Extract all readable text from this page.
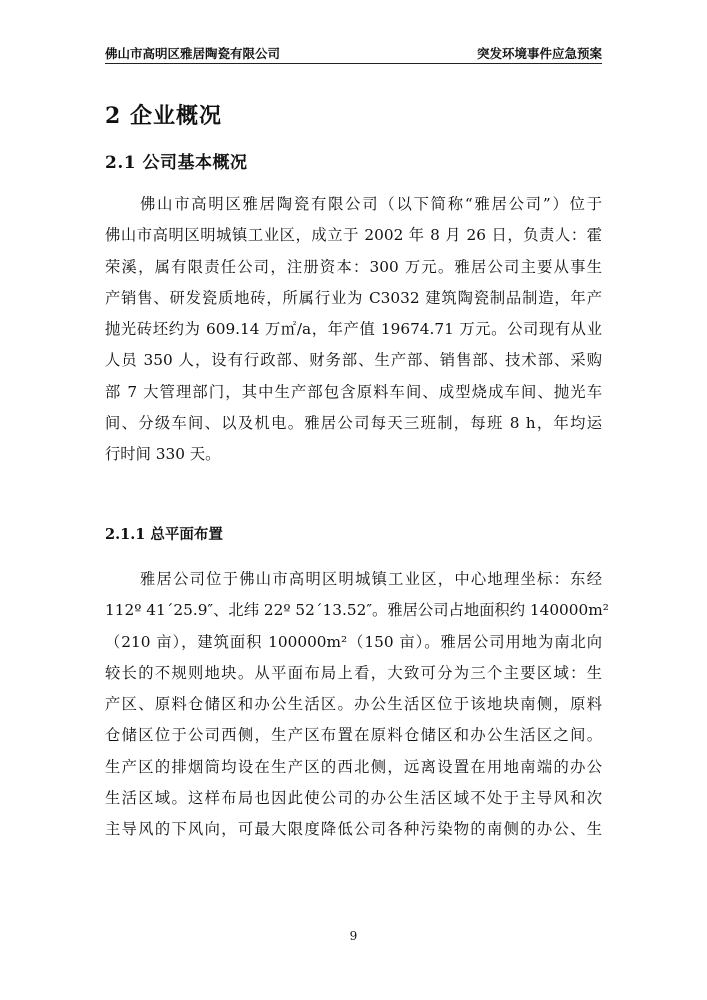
佛山市高明区雅居陶瓷有限公司	突发环境事件应急预案
2 企业概况
2.1 公司基本概况

佛山市高明区雅居陶瓷有限公司（以下简称“雅居公司”）位于
佛山市高明区明城镇工业区，成立于 2002 年 8 月 26 日，负责人：霍
荣溪，属有限责任公司，注册资本：300 万元。雅居公司主要从事生
产销售、研发瓷质地砖，所属行业为 C3032 建筑陶瓷制品制造，年产
抛光砖坯约为 609.14 万㎡/a，年产值 19674.71 万元。公司现有从业
人员 350 人，设有行政部、财务部、生产部、销售部、技术部、采购
部 7 大管理部门，其中生产部包含原料车间、成型烧成车间、抛光车
间、分级车间、以及机电。雅居公司每天三班制，每班 8 h，年均运
行时间 330 天。

2.1.1 总平面布置

雅居公司位于佛山市高明区明城镇工业区，中心地理坐标：东经
112º 41´25.9″、北纬 22º 52´13.52″。雅居公司占地面积约 140000m²
（210 亩），建筑面积 100000m²（150 亩）。雅居公司用地为南北向
较长的不规则地块。从平面布局上看，大致可分为三个主要区域：生
产区、原料仓储区和办公生活区。办公生活区位于该地块南侧，原料
仓储区位于公司西侧，生产区布置在原料仓储区和办公生活区之间。
生产区的排烟筒均设在生产区的西北侧，远离设置在用地南端的办公
生活区域。这样布局也因此使公司的办公生活区域不处于主导风和次
主导风的下风向，可最大限度降低公司各种污染物的南侧的办公、生

9
